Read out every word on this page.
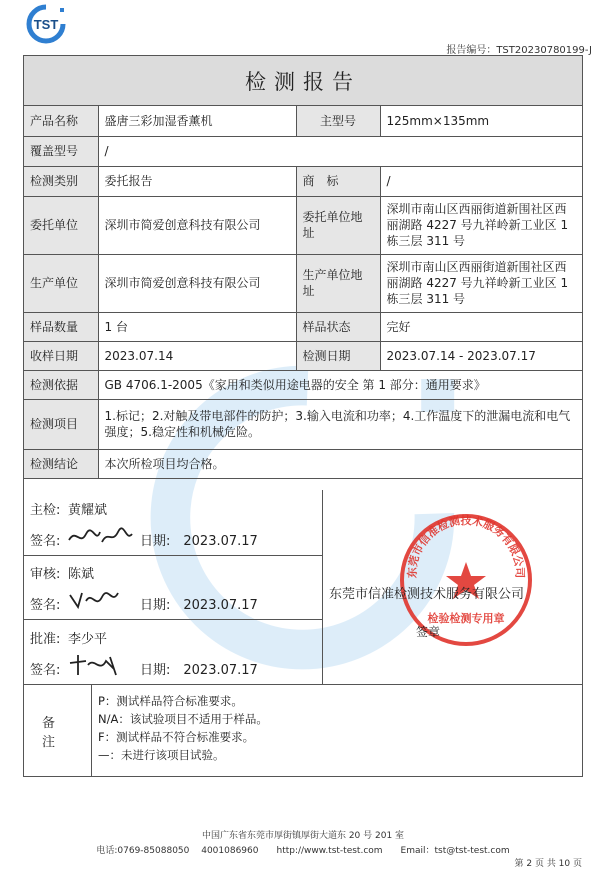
TST
报告编号：TST20230780199-J
检测报告
产品名称	盛唐三彩加湿香薰机	主型号	125mm×135mm
覆盖型号	/		
检测类别	委托报告	商　标	/
委托单位	深圳市简爱创意科技有限公司	委托单位地址	深圳市南山区西丽街道新围社区西丽湖路 4227 号九祥岭新工业区 1 栋三层 311 号
生产单位	深圳市简爱创意科技有限公司	生产单位地址	深圳市南山区西丽街道新围社区西丽湖路 4227 号九祥岭新工业区 1 栋三层 311 号
样品数量	1 台	样品状态	完好
收样日期	2023.07.14	检测日期	2023.07.14 - 2023.07.17
检测依据	GB 4706.1-2005《家用和类似用途电器的安全 第 1 部分：通用要求》		
检测项目	1.标记；2.对触及带电部件的防护；3.输入电流和功率；4.工作温度下的泄漏电流和电气强度；5.稳定性和机械危险。		
检测结论	本次所检项目均合格。		
主检: 黄耀斌
签名:	日期:　2023.07.17
审核: 陈斌
签名:	日期:　2023.07.17
批准: 李少平
签名:	日期:　2023.07.17
东莞市信准检测技术服务有限公司
检验检测专用章
东莞市信准检测技术服务有限公司
签章
备注
P：测试样品符合标准要求。
N/A：该试验项目不适用于样品。
F：测试样品不符合标准要求。
—：未进行该项目试验。
中国广东省东莞市厚街镇厚街大道东 20 号 201 室
电话:0769-85088050　 4001086960　　http://www.tst-test.com　　Email：tst@tst-test.com
第 2 页 共 10 页
